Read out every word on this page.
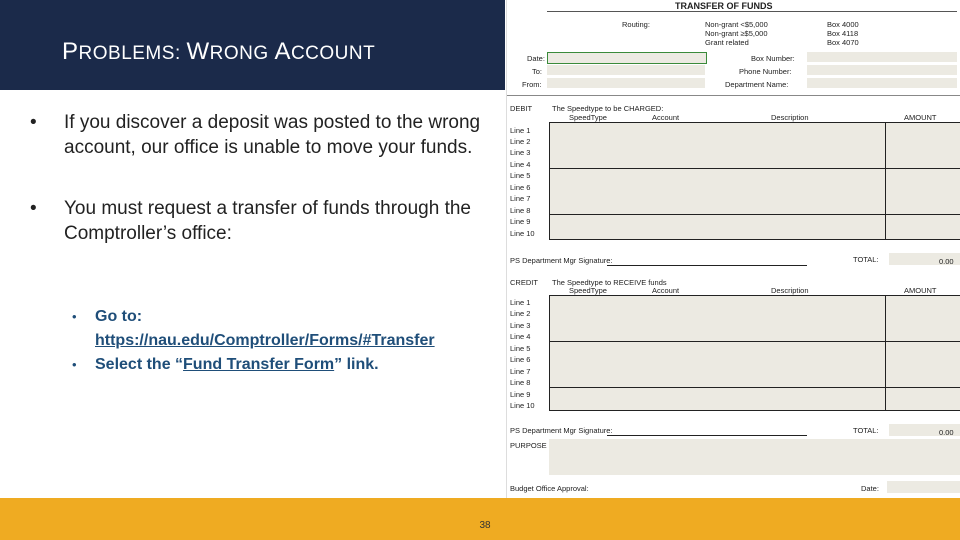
PROBLEMS: WRONG ACCOUNT
• If you discover a deposit was posted to the wrong account, our office is unable to move your funds.
• You must request a transfer of funds through the Comptroller’s office:
• Go to:
https://nau.edu/Comptroller/Forms/#Transfer
• Select the “Fund Transfer Form” link.
TRANSFER OF FUNDS
Routing:	Non-grant <$5,000	Box 4000
Non-grant ≥$5,000	Box 4118
Grant related	Box 4070
Date:
To:
From:
Box Number:
Phone Number:
Department Name:
DEBIT	The Speedtype to be CHARGED:
SpeedType	Account	Description	AMOUNT
Line 1
Line 2
Line 3
Line 4
Line 5
Line 6
Line 7
Line 8
Line 9
Line 10
PS Department Mgr Signature:	TOTAL:	0.00
CREDIT The Speedtype to RECEIVE funds
SpeedType	Account	Description	AMOUNT
Line 1
Line 2
Line 3
Line 4
Line 5
Line 6
Line 7
Line 8
Line 9
Line 10
PS Department Mgr Signature:	TOTAL:	0.00
PURPOSE
Budget Office Approval:	Date:
38
